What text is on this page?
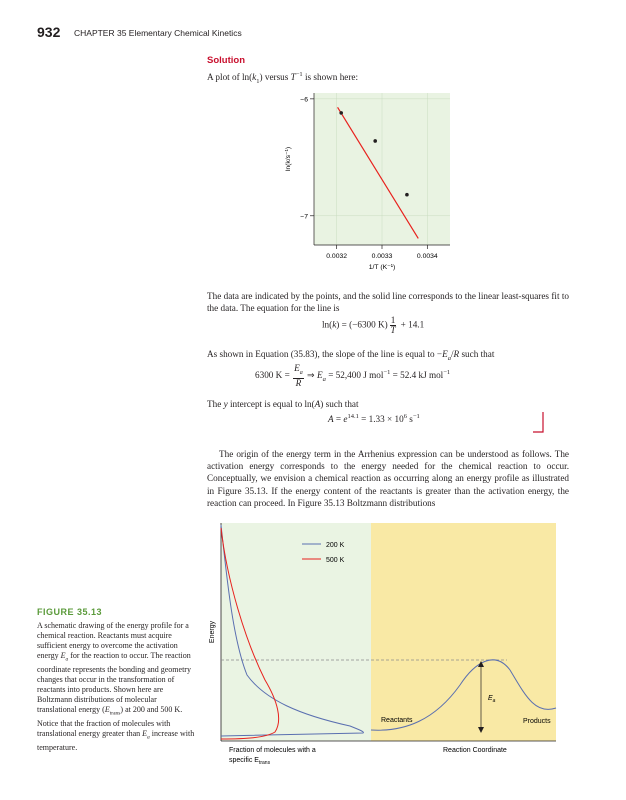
932 CHAPTER 35 Elementary Chemical Kinetics
Solution
A plot of $\ln(k_1)$ versus $T^{-1}$ is shown here:
0.0032	0.0033	0.0034
−6
−7
1/T (K⁻¹)
ln(k/s⁻¹)
The data are indicated by the points, and the solid line corresponds to the linear least-squares fit to the data. The equation for the line is
ln(k) = (−6300 $K) \frac{1}{T} + 14.1$
As shown in Equation (35.83), the slope of the line is equal to $-E_a/R$ such that
6300 $K = \frac{E_a}{R}$ ⇒ $E_a = 52,400$ J mol$^{-1}$ = 52.4 kJ mol$^{-1}$
The y intercept is equal to ln(A) such that
$A = e^{14.1} = 1.33 \times 10^6$ $s^{-1}$
The origin of the energy term in the Arrhenius expression can be understood as follows. The activation energy corresponds to the energy needed for the chemical reaction to occur. Conceptually, we envision a chemical reaction as occurring along an energy profile as illustrated in Figure 35.13. If the energy content of the reactants is greater than the activation energy, the reaction can proceed. In Figure 35.13 Boltzmann distributions
FIGURE 35.13
A schematic drawing of the energy profile for a chemical reaction. Reactants must acquire sufficient energy to overcome the activation energy $E_a$ for the reaction to occur. The reaction coordinate represents the bonding and geometry changes that occur in the transformation of reactants into products. Shown here are Boltzmann distributions of molecular translational energy $(E_{trans})$ at 200 and 500 K. Notice that the fraction of molecules with translational energy greater than $E_a$ increase with temperature.
200 K
500 K
$E_a$
Reactants	Products
Energy
Fraction of molecules with a
specific $E_{trans}$
Reaction Coordinate
